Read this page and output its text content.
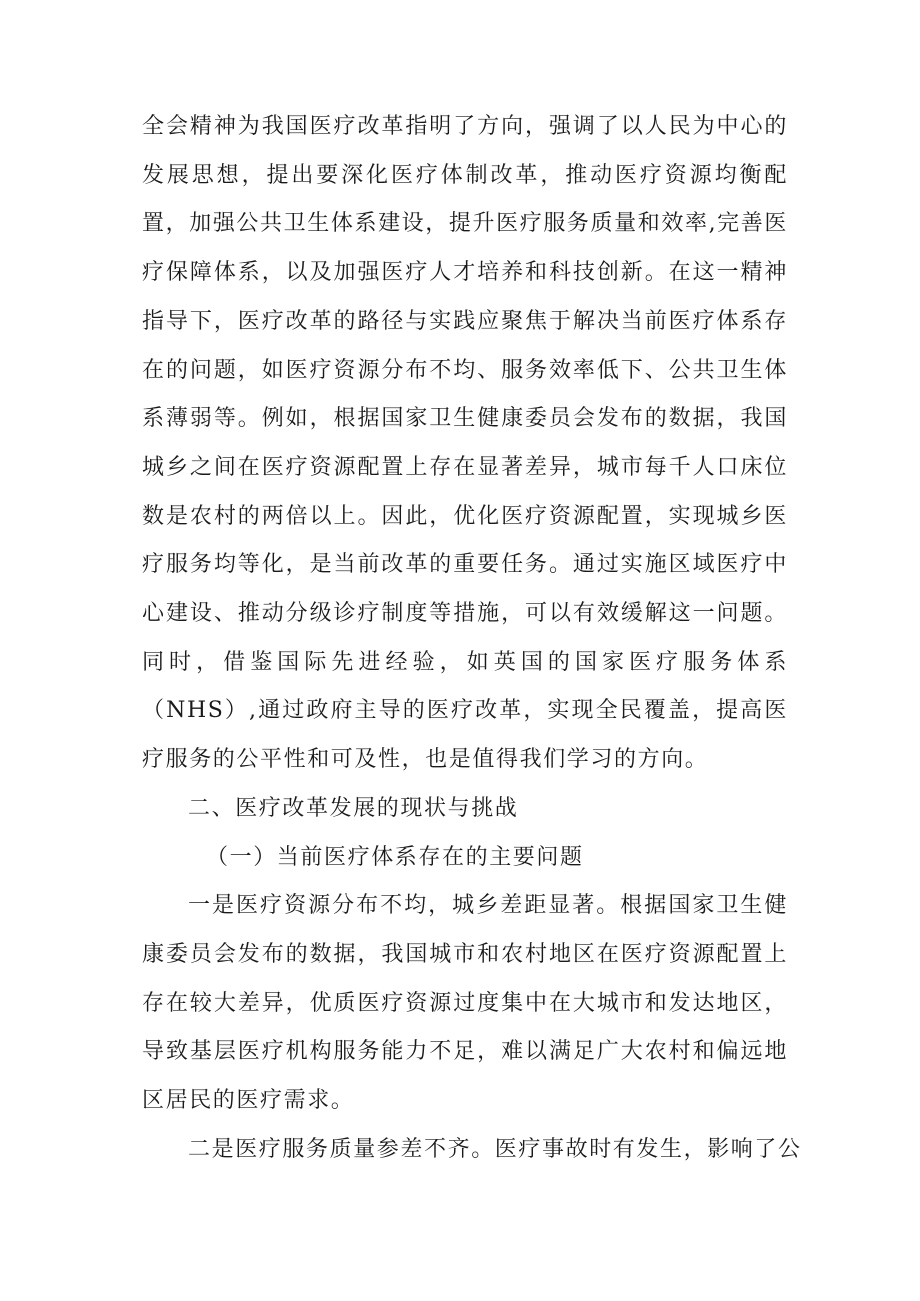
全会精神为我国医疗改革指明了方向，强调了以人民为中心的发展思想，提出要深化医疗体制改革，推动医疗资源均衡配置，加强公共卫生体系建设，提升医疗服务质量和效率,完善医疗保障体系，以及加强医疗人才培养和科技创新。在这一精神指导下，医疗改革的路径与实践应聚焦于解决当前医疗体系存在的问题，如医疗资源分布不均、服务效率低下、公共卫生体系薄弱等。例如，根据国家卫生健康委员会发布的数据，我国城乡之间在医疗资源配置上存在显著差异，城市每千人口床位数是农村的两倍以上。因此，优化医疗资源配置，实现城乡医疗服务均等化，是当前改革的重要任务。通过实施区域医疗中心建设、推动分级诊疗制度等措施，可以有效缓解这一问题。同时，借鉴国际先进经验，如英国的国家医疗服务体系（NHS）,通过政府主导的医疗改革，实现全民覆盖，提高医疗服务的公平性和可及性，也是值得我们学习的方向。

二、医疗改革发展的现状与挑战

（一）当前医疗体系存在的主要问题

一是医疗资源分布不均，城乡差距显著。根据国家卫生健康委员会发布的数据，我国城市和农村地区在医疗资源配置上存在较大差异，优质医疗资源过度集中在大城市和发达地区，导致基层医疗机构服务能力不足，难以满足广大农村和偏远地区居民的医疗需求。

二是医疗服务质量参差不齐。医疗事故时有发生，影响了公
